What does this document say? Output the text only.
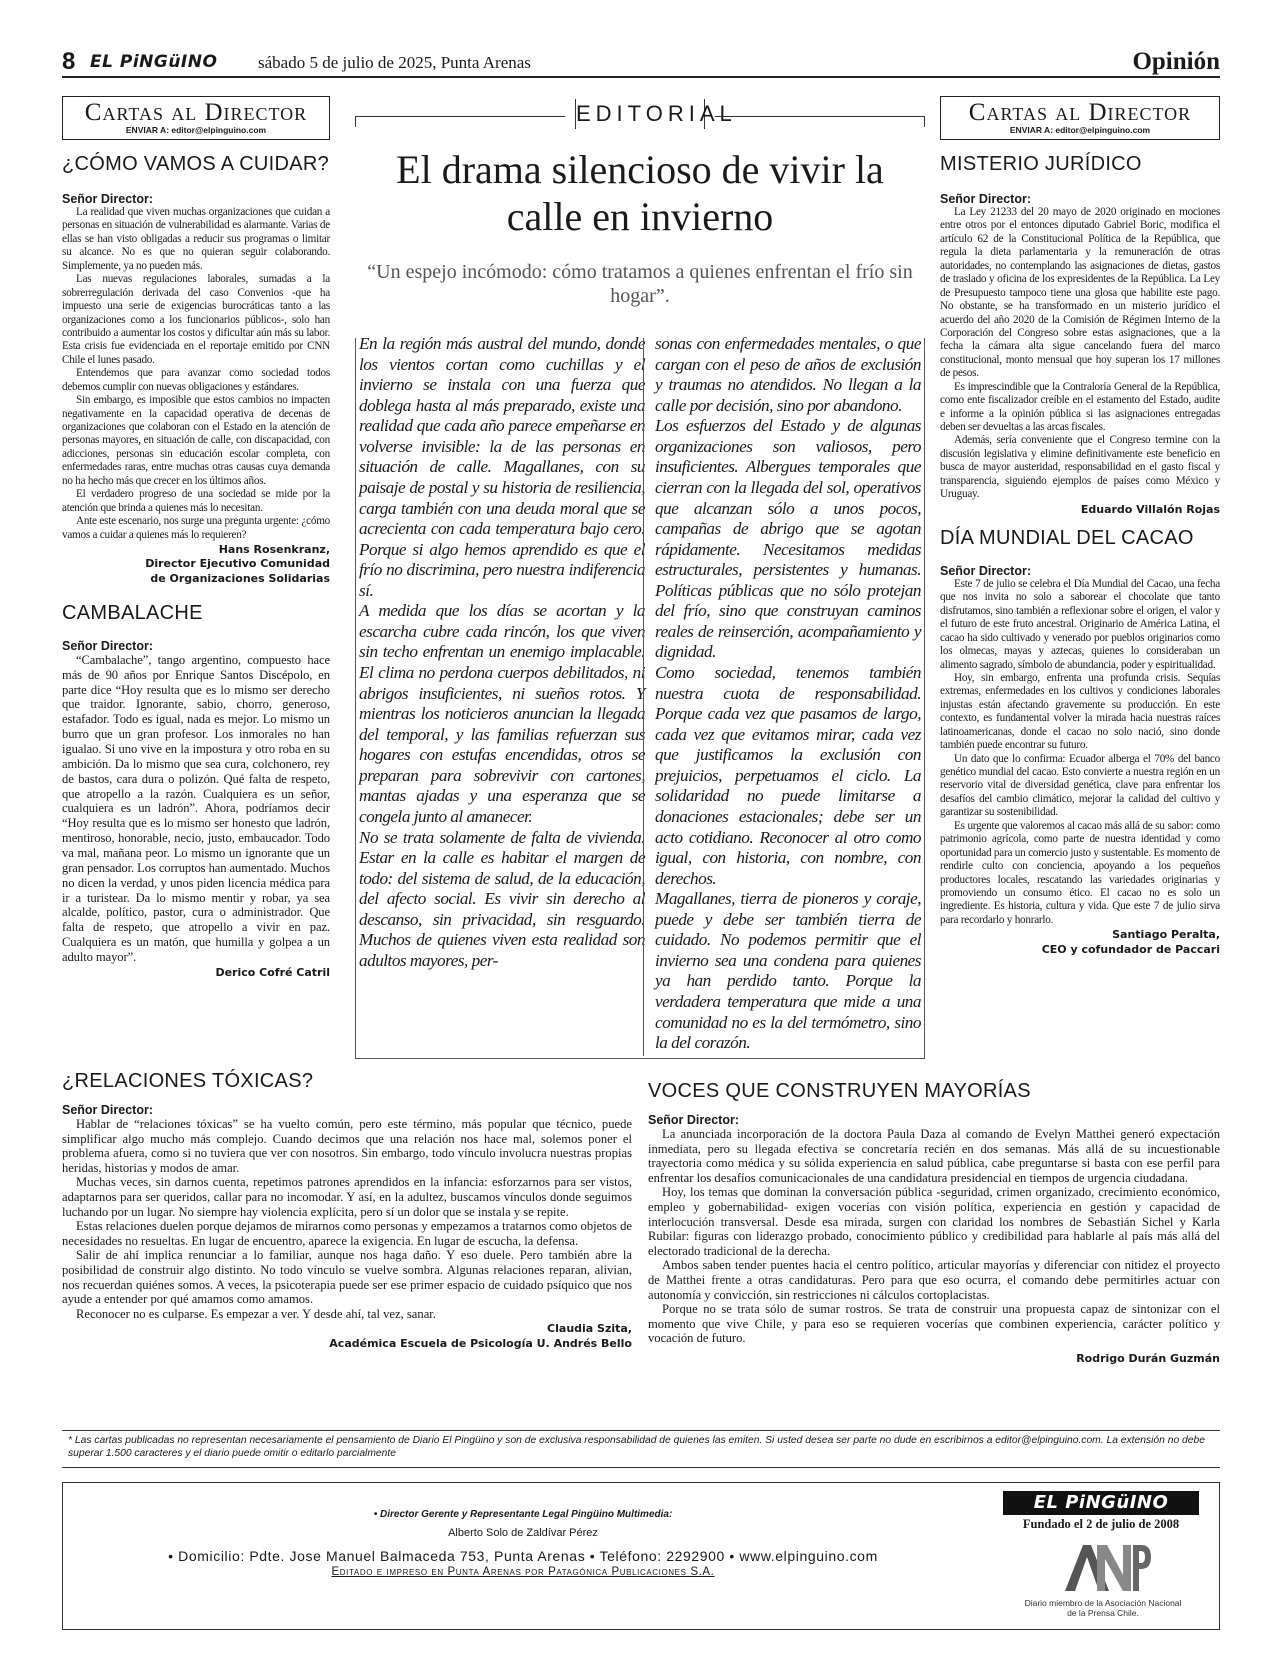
8 EL PiNGüINO sábado 5 de julio de 2025, Punta Arenas	Opinión
Cartas al Director
ENVIAR A: editor@elpinguino.com
¿CÓMO VAMOS A CUIDAR?
Señor Director:

La realidad que viven muchas organizaciones que cuidan a personas en situación de vulnerabilidad es alarmante. Varias de ellas se han visto obligadas a reducir sus programas o limitar su alcance. No es que no quieran seguir colaborando. Simplemente, ya no pueden más.

Las nuevas regulaciones laborales, sumadas a la sobrerregulación derivada del caso Convenios -que ha impuesto una serie de exigencias burocráticas tanto a las organizaciones como a los funcionarios públicos-, solo han contribuido a aumentar los costos y dificultar aún más su labor. Esta crisis fue evidenciada en el reportaje emitido por CNN Chile el lunes pasado.

Entendemos que para avanzar como sociedad todos debemos cumplir con nuevas obligaciones y estándares.

Sin embargo, es imposible que estos cambios no impacten negativamente en la capacidad operativa de decenas de organizaciones que colaboran con el Estado en la atención de personas mayores, en situación de calle, con discapacidad, con adicciones, personas sin educación escolar completa, con enfermedades raras, entre muchas otras causas cuya demanda no ha hecho más que crecer en los últimos años.

El verdadero progreso de una sociedad se mide por la atención que brinda a quienes más lo necesitan.

Ante este escenario, nos surge una pregunta urgente: ¿cómo vamos a cuidar a quienes más lo requieren?

Hans Rosenkranz,
Director Ejecutivo Comunidad
de Organizaciones Solidarias
CAMBALACHE
Señor Director:

“Cambalache”, tango argentino, compuesto hace más de 90 años por Enrique Santos Discépolo, en parte dice “Hoy resulta que es lo mismo ser derecho que traidor. Ignorante, sabio, chorro, generoso, estafador. Todo es igual, nada es mejor. Lo mismo un burro que un gran profesor. Los inmorales no han igualao. Si uno vive en la impostura y otro roba en su ambición. Da lo mismo que sea cura, colchonero, rey de bastos, cara dura o polizón. Qué falta de respeto, que atropello a la razón. Cualquiera es un señor, cualquiera es un ladrón”. Ahora, podríamos decir “Hoy resulta que es lo mismo ser honesto que ladrón, mentiroso, honorable, necio, justo, embaucador. Todo va mal, mañana peor. Lo mismo un ignorante que un gran pensador. Los corruptos han aumentado. Muchos no dicen la verdad, y unos piden licencia médica para ir a turistear. Da lo mismo mentir y robar, ya sea alcalde, político, pastor, cura o administrador. Que falta de respeto, que atropello a vivir en paz. Cualquiera es un matón, que humilla y golpea a un adulto mayor”.

Derico Cofré Catril
EDITORIAL
El drama silencioso de vivir la calle en invierno
“Un espejo incómodo: cómo tratamos a quienes enfrentan el frío sin hogar”.

En la región más austral del mundo, donde los vientos cortan como cuchillas y el invierno se instala con una fuerza que doblega hasta al más preparado, existe una realidad que cada año parece empeñarse en volverse invisible: la de las personas en situación de calle. Magallanes, con su paisaje de postal y su historia de resiliencia, carga también con una deuda moral que se acrecienta con cada temperatura bajo cero. Porque si algo hemos aprendido es que el frío no discrimina, pero nuestra indiferencia sí.

A medida que los días se acortan y la escarcha cubre cada rincón, los que viven sin techo enfrentan un enemigo implacable. El clima no perdona cuerpos debilitados, ni abrigos insuficientes, ni sueños rotos. Y mientras los noticieros anuncian la llegada del temporal, y las familias refuerzan sus hogares con estufas encendidas, otros se preparan para sobrevivir con cartones, mantas ajadas y una esperanza que se congela junto al amanecer.

No se trata solamente de falta de vivienda. Estar en la calle es habitar el margen de todo: del sistema de salud, de la educación, del afecto social. Es vivir sin derecho al descanso, sin privacidad, sin resguardo. Muchos de quienes viven esta realidad son adultos mayores, per-

sonas con enfermedades mentales, o que cargan con el peso de años de exclusión y traumas no atendidos. No llegan a la calle por decisión, sino por abandono.

Los esfuerzos del Estado y de algunas organizaciones son valiosos, pero insuficientes. Albergues temporales que cierran con la llegada del sol, operativos que alcanzan sólo a unos pocos, campañas de abrigo que se agotan rápidamente. Necesitamos medidas estructurales, persistentes y humanas. Políticas públicas que no sólo protejan del frío, sino que construyan caminos reales de reinserción, acompañamiento y dignidad.

Como sociedad, tenemos también nuestra cuota de responsabilidad. Porque cada vez que pasamos de largo, cada vez que evitamos mirar, cada vez que justificamos la exclusión con prejuicios, perpetuamos el ciclo. La solidaridad no puede limitarse a donaciones estacionales; debe ser un acto cotidiano. Reconocer al otro como igual, con historia, con nombre, con derechos.

Magallanes, tierra de pioneros y coraje, puede y debe ser también tierra de cuidado. No podemos permitir que el invierno sea una condena para quienes ya han perdido tanto. Porque la verdadera temperatura que mide a una comunidad no es la del termómetro, sino la del corazón.

Cartas al Director
ENVIAR A: editor@elpinguino.com
MISTERIO JURÍDICO
Señor Director:

La Ley 21233 del 20 mayo de 2020 originado en mociones entre otros por el entonces diputado Gabriel Boric, modifica el artículo 62 de la Constitucional Política de la República, que regula la dieta parlamentaria y la remuneración de otras autoridades, no contemplando las asignaciones de dietas, gastos de traslado y oficina de los expresidentes de la República. La Ley de Presupuesto tampoco tiene una glosa que habilite este pago. No obstante, se ha transformado en un misterio jurídico el acuerdo del año 2020 de la Comisión de Régimen Interno de la Corporación del Congreso sobre estas asignaciones, que a la fecha la cámara alta sigue cancelando fuera del marco constitucional, monto mensual que hoy superan los 17 millones de pesos.

Es imprescindible que la Contraloría General de la República, como ente fiscalizador creíble en el estamento del Estado, audite e informe a la opinión pública si las asignaciones entregadas deben ser devueltas a las arcas fiscales.

Además, sería conveniente que el Congreso termine con la discusión legislativa y elimine definitivamente este beneficio en busca de mayor austeridad, responsabilidad en el gasto fiscal y transparencia, siguiendo ejemplos de países como México y Uruguay.

Eduardo Villalón Rojas
DÍA MUNDIAL DEL CACAO
Señor Director:

Este 7 de julio se celebra el Día Mundial del Cacao, una fecha que nos invita no solo a saborear el chocolate que tanto disfrutamos, sino también a reflexionar sobre el origen, el valor y el futuro de este fruto ancestral. Originario de América Latina, el cacao ha sido cultivado y venerado por pueblos originarios como los olmecas, mayas y aztecas, quienes lo consideraban un alimento sagrado, símbolo de abundancia, poder y espiritualidad.

Hoy, sin embargo, enfrenta una profunda crisis. Sequías extremas, enfermedades en los cultivos y condiciones laborales injustas están afectando gravemente su producción. En este contexto, es fundamental volver la mirada hacia nuestras raíces latinoamericanas, donde el cacao no solo nació, sino donde también puede encontrar su futuro.

Un dato que lo confirma: Ecuador alberga el 70% del banco genético mundial del cacao. Esto convierte a nuestra región en un reservorio vital de diversidad genética, clave para enfrentar los desafíos del cambio climático, mejorar la calidad del cultivo y garantizar su sostenibilidad.

Es urgente que valoremos al cacao más allá de su sabor: como patrimonio agrícola, como parte de nuestra identidad y como oportunidad para un comercio justo y sustentable. Es momento de rendirle culto con conciencia, apoyando a los pequeños productores locales, rescatando las variedades originarias y promoviendo un consumo ético. El cacao no es solo un ingrediente. Es historia, cultura y vida. Que este 7 de julio sirva para recordarlo y honrarlo.

Santiago Peralta,
CEO y cofundador de Paccari
¿RELACIONES TÓXICAS?
Señor Director:

Hablar de “relaciones tóxicas” se ha vuelto común, pero este término, más popular que técnico, puede simplificar algo mucho más complejo. Cuando decimos que una relación nos hace mal, solemos poner el problema afuera, como si no tuviera que ver con nosotros. Sin embargo, todo vínculo involucra nuestras propias heridas, historias y modos de amar.

Muchas veces, sin darnos cuenta, repetimos patrones aprendidos en la infancia: esforzarnos para ser vistos, adaptarnos para ser queridos, callar para no incomodar. Y así, en la adultez, buscamos vínculos donde seguimos luchando por un lugar. No siempre hay violencia explícita, pero sí un dolor que se instala y se repite.

Estas relaciones duelen porque dejamos de mirarnos como personas y empezamos a tratarnos como objetos de necesidades no resueltas. En lugar de encuentro, aparece la exigencia. En lugar de escucha, la defensa.

Salir de ahí implica renunciar a lo familiar, aunque nos haga daño. Y eso duele. Pero también abre la posibilidad de construir algo distinto. No todo vínculo se vuelve sombra. Algunas relaciones reparan, alivian, nos recuerdan quiénes somos. A veces, la psicoterapia puede ser ese primer espacio de cuidado psíquico que nos ayude a entender por qué amamos como amamos.

Reconocer no es culparse. Es empezar a ver. Y desde ahí, tal vez, sanar.

Claudia Szita,
Académica Escuela de Psicología U. Andrés Bello
VOCES QUE CONSTRUYEN MAYORÍAS
Señor Director:

La anunciada incorporación de la doctora Paula Daza al comando de Evelyn Matthei generó expectación inmediata, pero su llegada efectiva se concretaría recién en dos semanas. Más allá de su incuestionable trayectoria como médica y su sólida experiencia en salud pública, cabe preguntarse si basta con ese perfil para enfrentar los desafíos comunicacionales de una candidatura presidencial en tiempos de urgencia ciudadana.

Hoy, los temas que dominan la conversación pública -seguridad, crimen organizado, crecimiento económico, empleo y gobernabilidad- exigen vocerías con visión política, experiencia en gestión y capacidad de interlocución transversal. Desde esa mirada, surgen con claridad los nombres de Sebastián Sichel y Karla Rubilar: figuras con liderazgo probado, conocimiento público y credibilidad para hablarle al país más allá del electorado tradicional de la derecha.

Ambos saben tender puentes hacia el centro político, articular mayorías y diferenciar con nitidez el proyecto de Matthei frente a otras candidaturas. Pero para que eso ocurra, el comando debe permitirles actuar con autonomía y convicción, sin restricciones ni cálculos cortoplacistas.

Porque no se trata sólo de sumar rostros. Se trata de construir una propuesta capaz de sintonizar con el momento que vive Chile, y para eso se requieren vocerías que combinen experiencia, carácter político y vocación de futuro.

Rodrigo Durán Guzmán
* Las cartas publicadas no representan necesariamente el pensamiento de Diario El Pingüino y son de exclusiva responsabilidad de quienes las emiten. Si usted desea ser parte no dude en escribirnos a editor@elpinguino.com. La extensión no debe superar 1.500 caracteres y el diario puede omitir o editarlo parcialmente
• Director Gerente y Representante Legal Pingüino Multimedia:
Alberto Solo de Zaldívar Pérez
• Domicilio: Pdte. Jose Manuel Balmaceda 753, Punta Arenas • Teléfono: 2292900 • www.elpinguino.com
Editado e impreso en Punta Arenas por Patagónica Publicaciones S.A.
EL PiNGüINO
Fundado el 2 de julio de 2008
Diario miembro de la Asociación Nacional de la Prensa Chile.
